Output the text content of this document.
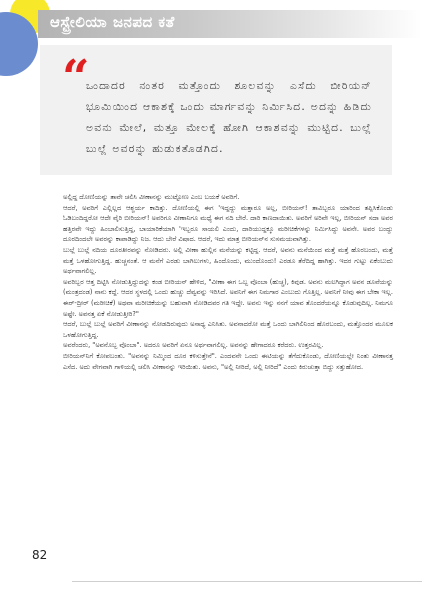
ಆಸ್ಟ್ರೇಲಿಯಾ ಜನಪದ ಕತೆ
“

ಒಂದಾದರ ನಂತರ ಮತ್ತೊಂದು ಶೂಲವನ್ನು ಎಸೆದು ಬೀರಿಯನ್ ಭೂಮಿಯಿಂದ ಆಕಾಶಕ್ಕೆ ಒಂದು ಮಾರ್ಗವನ್ನು ನಿರ್ಮಿಸಿದ. ಅದನ್ನು ಹಿಡಿದು ಅವನು ಮೇಲೆ, ಮತ್ತೂ ಮೇಲಕ್ಕೆ ಹೋಗಿ ಆಕಾಶವನ್ನು ಮುಟ್ಟಿದ. ಬುಲ್ಲೆ ಬುಲ್ಲೆ ಅವರನ್ನು ಹುಡುಕತೊಡಗಿದ.

ಅಲ್ಲಿದ್ದ ದೋಣಿಯನ್ನು ತಾವೇ ಚಲಿಸಿ ವೀಣಾನನ್ನು ಮುಟ್ಟೋಣ ಎಂಬ ಬಯಕೆ ಅವರಿಗೆ.

ಆದರೆ, ಅವರಿಗೆ ಎಲ್ಲಿಲ್ಲದ ಆಶ್ಚರ್ಯ ಕಾದಿತ್ತು. ದೋಣಿಯಲ್ಲಿ ಈಗ 'ಇದ್ದದ್ದು ಮತ್ತಾರೂ ಅಲ್ಲ, ಬೀರಿಯನ್! ತಾವಿಬ್ಬರೂ ಯಾರಿಂದ ತಪ್ಪಿಸಿಕೊಂಡು ಓಡಿಬಂದಿದ್ದರೋ ಆದೇ ವೈರಿ ಬೀರಿಯನ್! ಅವರಿಗೂ ವೀಣಾನಿಗೂ ಮಧ್ಯೆ ಈಗ ನದಿ ಬೇರೆ. ದಾರಿ ಕಾಣದಾಯಿತು. ಅವರಿಗೆ ಅರಿವೇ ಇಲ್ಲ, ಬೀರಿಯನ್ ಸದಾ ಅವರ ಹತ್ತಿರವೇ ಇದ್ದು ಹಿಂಬಾಲಿಸುತ್ತಿದ್ದ, ಬಾಯಾರಿಕೆಯಾಗಿ 'ಇಬ್ಬರೂ ಸಾಯಲಿ ಎಂದು, ದಾರಿಯುದ್ದಕ್ಕೂ ಮರೀಚಿಕೆಗಳನ್ನು ನಿರ್ಮಿಸಿದ್ದು ಅವನೇ. ಅವರ ಬಂದ್ದು ದೂರದಿಂದಲೇ ಅವರನ್ನು ಕಾಪಾಡಿದ್ದು ನಿಜ. ಆದು ಬೇರೆ ವಿಷಾದ. ಆದರೆ, ಇದು ಮಾತ್ರ ಬೀರಿಯನ್‌ನ ಸುಸಮಯವಾಗಿತ್ತು.

ಬುಲ್ಲೆ ಬುಲ್ಲೆ ನದಿಯ ದೂರತೀರವನ್ನು ನೋಡಿದರು. ಅಲ್ಲಿ ವೀಣಾ ಹುಲ್ಲಿನ ಮನೆಯನ್ನು ಕಟ್ಟಿದ್ದ. ಆದರೆ, ಅವನು ಮನೆಯಿಂದ ಮತ್ತೆ ಮತ್ತೆ ಹೊರಬಂದು, ಮತ್ತೆ ಮತ್ತೆ ಒಳಹೋಗುತ್ತಿದ್ದ. ಹುಚ್ಚನಂತೆ. ಆ ಮನೆಗೆ ಎರಡು ಬಾಗಿಲುಗಳು, ಹಿಂದೊಂದು, ಮುಂದೊಂದು! ಎರಡೂ ತೆರೆದಿದ್ದ ಹಾಗಿತ್ತು. ಇದರ ಗುಟ್ಟು ಏಕೆಂಬುದು ಅರ್ಥವಾಗಲಿಲ್ಲ.

ಅವರಿಬ್ಬರ ಆತ್ತ ದಿಟ್ಟಿಸಿ ನೋಡುತ್ತಿದ್ದುದನ್ನು ಕಂಡ ಬೀರಿಯನ್ ಹೇಳಿದ, "ವೀಣಾ ಈಗ ಒಬ್ಬ ವೊಂಬಾ (ಹುಚ್ಚ), ಕಿವುಡ. ಅವನು ಮಲಗಿದ್ದಾಗ ಅವನ ಡೂವೆಯನ್ನು (ಮಂತ್ರದಂಡ) ನಾನು ಕದ್ದೆ. ಆದರ ಸ್ಥಳದಲ್ಲಿ ಒಂದು ಹುಚ್ಚು ದೆವ್ವವನ್ನು ಇರಿಸಿದೆ. ಅವನಿಗೆ ಈಗ ನಿಮಗಾರ ಎಂಬುದು ಗೊತ್ತಿಲ್ಲ. ಅವನಿಗೆ ನೀವು ಈಗ ಬೇಕಾ ಇಲ್ಲ. ಈರ್-ದ್ರೀರ್ (ಮರೀಚಿಕೆ) ಅಥವಾ ಮರೀಚಿಕೆಯನ್ನು ಬಹುವಾಗಿ ನೋಡಿದವರ ಗತಿ ಇದ್ದೇ. ಅವನು ಇನ್ನು ನನಗೆ ಯಾವ ತೊಂದರೆಯನ್ನೂ ಕೊಡುವುದಿಲ್ಲ. ನಿಮಗೂ ಅಷ್ಟೇ. ಅವನತ್ತ ಏಕೆ ನೋಡುತ್ತೀರಿ?"

ಆದರೆ, ಬುಲ್ಲೆ ಬುಲ್ಲೆ ಅವರಿಗೆ ವೀಣಾನನ್ನು ನೋಡದಿರುವುದು ಅಸಾಧ್ಯ ಎನಿಸಿತು. ಅವನಾದರೋ ಮತ್ತೆ ಒಂದು ಬಾಗಿಲಿನಿಂದ ಹೊರಬಂದು, ಮತ್ತೊಂದರ ಮೂಲಕ ಒಳಹೋಗುತ್ತಿದ್ದ.

ಅವರೆಂದರು, "ಅವನೊಬ್ಬ ವೊಂಬಾ". ಅದರೂ ಅವರಿಗೆ ಏನೂ ಅರ್ಥವಾಗಲಿಲ್ಲ. ಅವನನ್ನು ಹೇಗಾದರೂ ಕರೆದರು. ಉತ್ತರವಿಲ್ಲ.

ಬೀರಿಯನ್‌ನಿಗೆ ಕೋಪಬಂತು. "ಅವನನ್ನು ನಿಮ್ಮಿಂದ ದೂರ ಕಳಿಸುತ್ತೇನೆ". ಎಂದವನೇ ಒಂದು ಈಟಿಯನ್ನು ತೆಗೆದುಕೊಂಡು, ದೋಣಿಯಲ್ಲೇ ನಿಂತು ವೀಣಾನತ್ತ ಎಸೆದ. ಅದು ವೇಗವಾಗಿ ಗಾಳಿಯಲ್ಲಿ ಚಲಿಸಿ ವೀಣಾನನ್ನು ಇರಿಯಿತು. ಅವನು, "ಅಲ್ಲಿ ನೀರಿದೆ, ಅಲ್ಲಿ ನೀರಿದೆ" ಎಂದು ಕಿರುಚುತ್ತಾ ಬಿದ್ದು ಸತ್ತುಹೋದ.

82
